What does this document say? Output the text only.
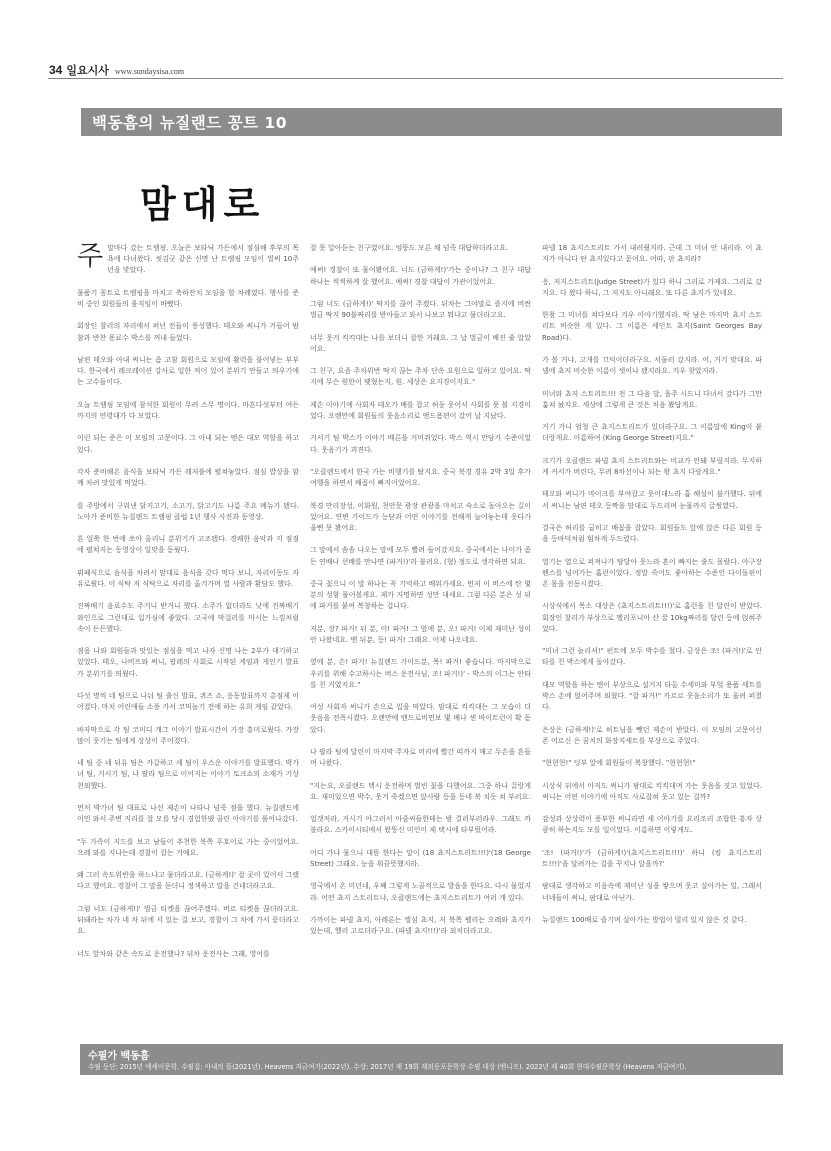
34 일요시사 www.sundaysisa.com
백동흠의 뉴질랜드 꽁트 10
맘대로

주말마다 갔는 트램핑. 오늘은 보타닉 가든에서 점심해 후부의 목욕에 다녀왔다. 씻김굿 같은 신명 난 트램핑 모임이 벌써 10주년을 맞았다.

물품기 꼼트로 트램핑을 마치고 축하잔치 모임을 할 차례였다. 행사를 준비 중인 회원들의 움직임이 바빴다.

회장인 찰리의 자리에서 퍼넌 전들이 풍성했다. 테오와 써니가 거들어 밤참과 반찬 용료수 박스를 꺼내 들었다.

남편 테오와 아내 써니는 좀 고참 회원으로 모임에 활력을 불어넣는 부부다. 한국에서 레크레이션 강사로 일한 적이 있어 분위기 만들고 띄우기에는 고수들이다.

오늘 트램핑 모임에 참석한 회원이 무려 스무 명이다. 마흔다섯부터 여든까지의 연령대가 다 모였다.

이런 되는 준은 이 모임의 고문이다. 그 아내 되는 앤은 대모 역할을 하고 있다.

각자 준비해온 음식을 보타닉 가든 레저풀에 펼쳐놓았다. 점심 밥상을 함께 차려 맛있게 먹었다.

를 주방에서 구워낸 닭지고기, 소고기, 닭고기도 나름 주요 메뉴가 됐다. 노아가 준비한 뉴질랜드 트램핑 클럽 1년 행사 사진과 동영상.

흔 얼쭉 한 번에 쏘아 올리니 분위기가 고조됐다. 경쾌한 음악과 지 점점에 펼쳐지는 동영상이 일맞을 돋웠다.

뷔페식으로 음식을 차려서 맘대로 음식을 갖다 먹다 보니, 자리이동도 자유로웠다. 이 식탁 저 식탁으로 자리를 옮겨가며 열 사람과 환담도 했다.

진짜배기 음료수도 주거니 받거니 했다. 소주가 없더라도 낮에 진짜배기 와인으로 그런대로 입가심에 좋았다. 고국에 막걸리를 마시는 느낌처럼 속이 든든했다.

점을 나와 회원들과 맛있는 점심을 먹고 나자 신명 나는 2부가 대기하고 있었다. 테오, 나비프와 써니, 팝레의 사회로 시작된 게임과 게인기 발표가 분위기를 띄웠다.

다섯 명씩 네 팀으로 나눠 팀 출신 발표, 퀴즈 쇼, 응동발표까지 총점제 이어졌다. 마치 어린애들 소풍 가서 코믹놀기 전에 하는 유희 게임 같았다.

바자막으로 각 팀 코미디 개그 이야기 발표시간이 가장 흥미로웠다. 가장 많이 웃기는 팀에게 상상이 주어졌다.

네 팀 중 네 뒤유 팀은 가갈하고 세 팀이 우스운 이야기를 발표했다. 박가녀 팀, 거서기 팀, 나 팔라 팀으로 이어지는 이야기 토크쇼의 소재가 기상천외했다.

먼저 박가녀 팀 대표로 나선 제손이 나타나 넘죽 점을 했다. 뉴질랜드에 이민 와서 주변 지리를 잘 모를 당시 경험한댔 골린 이야기를 풀어나갔다.

"두 가족이 지드를 보고 남들이 추천한 북쪽 푸호이로 가는 중이었어요. 으레 와를 지나는데 경찰이 잡는 거예요.

왜 그러 속도위반을 하느냐고 물더라고요. (금하게!)' 잘 곳이 있어서 그랬다고 했어요. 경찰이 그 말을 듣더니 정색하고 말을 건네더라고요.

그럼 너도 (금하게!)' 벌금 티켓을 끊어주겠다. 버르 티켓을 끊더라고요. 뒤돼라는 차가 네 차 뒤에 서 있는 걸 보고, 경찰이 그 차에 가서 묻더라고요.

너도 앞차와 같은 속도로 운전했나? 뒤차 운전사는 그래, 영어를

잘 못 알아듣는 친구였어요. 엉뚱도 모른 채 넘죽 대답하더라고요.

예써! 경찰이 또 물어봤어요. 너도 (금하게!)'가는 중이나? 그 친구 대답 하나는 씩씩하게 잘 했어요. 예써! 경찰 대답이 가관이었어요.

그럼 너도 (금하게!)' 딱지를 끊어 주겠다. 뒤차는 그야말로 졸지에 비싼 벌금 딱지 90불짜리를 받아들고 와서 나보고 뭐냐고 물더라고요.

너무 웃겨 킥킥대는 나를 보더니 잘한 거래요. 그 날 벌금이 배진 줄 알았어요.

그 친구, 요즘 주차위반 딱지 끊는 주차 단속 요원으로 일하고 있어요. 딱지에 무슨 원한이 맺혔는지, 원. 세상은 요지경이지요."

제손 이야기에 사회자 테오가 배를 잡고 허둥 웃어서 사회를 못 볼 지경이었다. 오랜만에 회원들의 웃음소리로 앤드폼편이 갔어 날 지났다.

거서기 팀 박스가 이야기 배른을 거머쥐었다. 박스 역시 만담가 수준이었다. 웃음기가 괴젼다.

"오클랜드에서 한국 가는 비행기를 탔지요. 중국 북경 경유 2박 3일 후가 여행을 하면서 배꼽이 빠지어었어요.

북경 만리장성, 이화원, 천안문 광장 관광을 마치고 숙소로 돌아오는 길이었어요. 연변 가이드가 능닫과 어떤 이야기를 전해게 늘어놓는데 웃다가 울뻔 못 봤어요.

그 말에서 솜솜 나오는 말에 모두 빨려 들어갔지요. 중국에서는 나이가 좀 든 연배나 선배를 만나면 (파거!)'라 불러요. (형) 정도로 생각하면 되요.

중국 꽃으니 이 말 하나는 꼭 기억하고 배워가세요. 먼저 이 버스에 탄 몇 분의 성함 물어볼게요. 제가 지명하면 성만 대세요. 그럼 다른 분은 성 뒤에 파거를 붙여 복창하는 겁니다.

저분, 장? 파거! 뒤 분, 이! 파거! 그 옆에 분, 오! 파거! 이제 재미난 성이 안 나왔네요. 맨 뒤분, 등! 파거! 그래요. 이제 나오네요.

옆에 분, 손! 파거! 뉴질랜드 가이드분, 목! 파거! 좋습니다. 마지막으로 우리를 위해 수고하시는 버스 운전사님, 조! 파거!)' - 박스의 이그는 안타를 친 거였지요."

여성 사회자 써니가 손으로 입을 막았다. 맘대로 킥킥대는 그 모습이 더 웃음을 전폭시켰다. 오랜만에 맨드로비먼보 몇 배나 센 바이트런이 확 돋았다.

나 팔라 팀에 달린이 마지막 주자로 머리에 빨간 띠까지 매고 두손을 흔들며 나왔다.

"지는요, 오클랜드 택시 운전하며 벌빈 꽃을 다했어요. 그중 하나 끌랑게요. 재미있으면 박수, 웃겨 죽겠으면 앞사람 등을 등네 북 치듯 쳐 부러요.

얼갯저라, 거시기 야그러서 아줌씨들한테는 밤 결러부러라우. 그래도 까불라요. 스카이시티에서 왔뚱신 미인이 제 택시에 타부렀어라.

어디 가냐 물으니 대뜸 한다는 말이 (18 쵸지스트리트!!!)'(18 George Street) 그래요. 눈을 휘끔뜻했지라.

영국에서 온 미년네, 우째 그렇게 노골적으로 발음을 한다요. 다시 물었지라. 어떤 쵸지 스트리트냐, 오클랜드에는 쵸지스트리트가 여러 개 있다.

가까이는 파넬 쵸지, 아레론는 엘섬 쵸지, 저 북쪽 펠리는 오레와 쵸지가 있는데, 헬리 고르더라구요. (파넬 쵸지!!!)'라 외치더라고요.

파넬 18 쵸지스트리트 가서 내려줬지라. 근데 그 미녀 안 내리라. 이 쵸지가 아니다 딴 쵸지있다고 묻어요. 어따, 판 쵸지라?

응, 저지스트리트(Judge Street)가 있다 하니 그리로 가재요. 그리로 갔지요. 다 왔다 하니, 그 저지도 아니래요. 또 다른 쵸지가 있네요.

한참 그 미녀를 쳐다보다 겨우 이야기했지라. 딱 남은 마지막 쵸지 스트리트 비슷한 게 있다. 그 이름은 세인트 쵸지(Saint Georges Bay Road)다.

가 볼 거냐, 고개를 끄덕이더라구요. 서둘러 갔지라. 어, 거기 맞대요. 파넬에 쵸지 비슷한 이름이 셋이나 됐지라요. 겨우 찾았지라.

미녀와 쵸지 스트리트!!! 전 그 다음 달, 을주 시드니 다녀서 갔다가 그만 훔쳐 놨지요. 세상에 그렇게 큰 것은 처음 봤답게요.

거기 가니 엄청 큰 쵸지스트리트가 있더라구요. 그 이름말에 King이 붙더랑게요. 이름하여 (King George Street)지요."

크기가 오클랜드 파넬 쵸지 스트리트와는 비교가 안돼 부릴지라. 무지하게 커서가 버린다, 무려 8차선이나 되는 왕 쵸지 다랑게요."

테오와 써니가 마이크를 부여잡고 웃어대느라 흡 해설이 불가했다. 뒤에서 써니는 남편 테오 등짝을 맘대로 두드리며 눈물까지 글썽였다.

결국은 허리를 굽히고 배꼽을 잡았다. 회원들도 앞에 앉은 다른 회원 등을 등바덕처럼 힘차게 두드렸다.

열기는 열으로 퍼져나가 탐달아 웃느라 혼이 빠지는 줄도 몰랐다. 야구장 펜스를 넘어가는 홈런이었다. 정말 죽어도 좋아하는 수준인 다이돌핀이 온 몸을 진동시켰다.

시상식에서 목소 대상은 (쵸지스트리트!!!)'로 홈런을 친 달린이 받았다. 회장인 찰리가 부상으로 멜리포니아 산 꿀 10kg짜리를 달린 등에 얹혀주었다.

"미녀 그런 놀리셔!" 펀트에 모두 박수를 쳤다. 금상은 조! (파거!)'로 안타를 친 박스에게 돌아갔다.

대모 역할을 하는 앤이 부상으로 설거지 타올 수세미와 부엌 용품 세트를 박스 손에 얹어주며 외쳤다. "잘 파거!" 카르르 웃음소리가 또 울려 퍼졌다.

은상은 (금하게!)'로 허트님을 뺏던 제손이 받았다. 이 모임의 고문이신 존 어르신 은 꿈치의 화장지세트를 부상으로 주었다.

"현현현!" 덩부 앞에 회원들이 복창했다. "현현현!"

시상식 뒤에서 아직도 써니가 팜대로 킥킥대며 가는 웃음을 짓고 있었다. 써니는 어떤 이야기에 아직도 사로잡혀 웃고 있는 걸까?

감성과 상상력이 풍부한 써니라면 세 이야기를 요리조리 조합한 흥자 상큼히 하는지도 모를 일이었다. 이름하면 이렇게도.

'조! (파거!)'가 (금하게!)'(쵸지스트리트!!!)' 하니 (킹 쵸지스트리트!!!)'을 달려가는 걸을 꾸지나 알을까?'

팜대로 생각하고 미음속에 재미난 싱을 쌓으며 웃고 살아가는 일, 그래서 너네들이 써니, 팜대로 아닌가.

뉴질랜드 100배로 즐기며 살아가는 방법이 멀리 있지 않은 것 같다.

수필가 백동흠
수필 등단: 2015년 에세이문학. 수필집: 아내의 뜰(2021년). Heavens 지금여기(2022년). 수상: 2017년 제 19회 재외동포문학상 수필 대상 (밴니프). 2022년 제 40회 현대수필문학상 (Heavens 지금여기).
